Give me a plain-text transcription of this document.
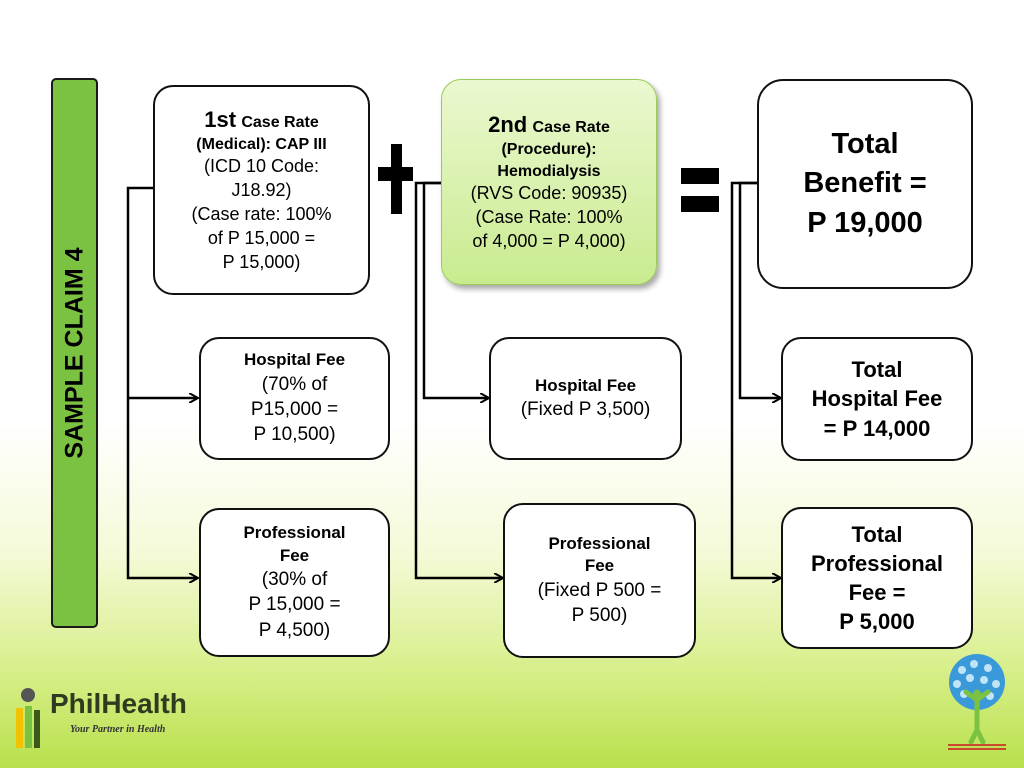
SAMPLE CLAIM 4
1st Case Rate
(Medical): CAP III
(ICD 10 Code:
J18.92)
(Case rate: 100%
of P 15,000 =
P 15,000)
2nd Case Rate
(Procedure):
Hemodialysis
(RVS Code: 90935)
(Case Rate: 100%
of 4,000 = P 4,000)
Total
Benefit =
P 19,000
Hospital Fee
(70% of
P15,000 =
P 10,500)
Hospital Fee
(Fixed P 3,500)
Total
Hospital Fee
= P 14,000
Professional
Fee
(30% of
P 15,000 =
P 4,500)
Professional
Fee
(Fixed P 500 =
P 500)
Total
Professional
Fee =
P 5,000
PhilHealth
Your Partner in Health
